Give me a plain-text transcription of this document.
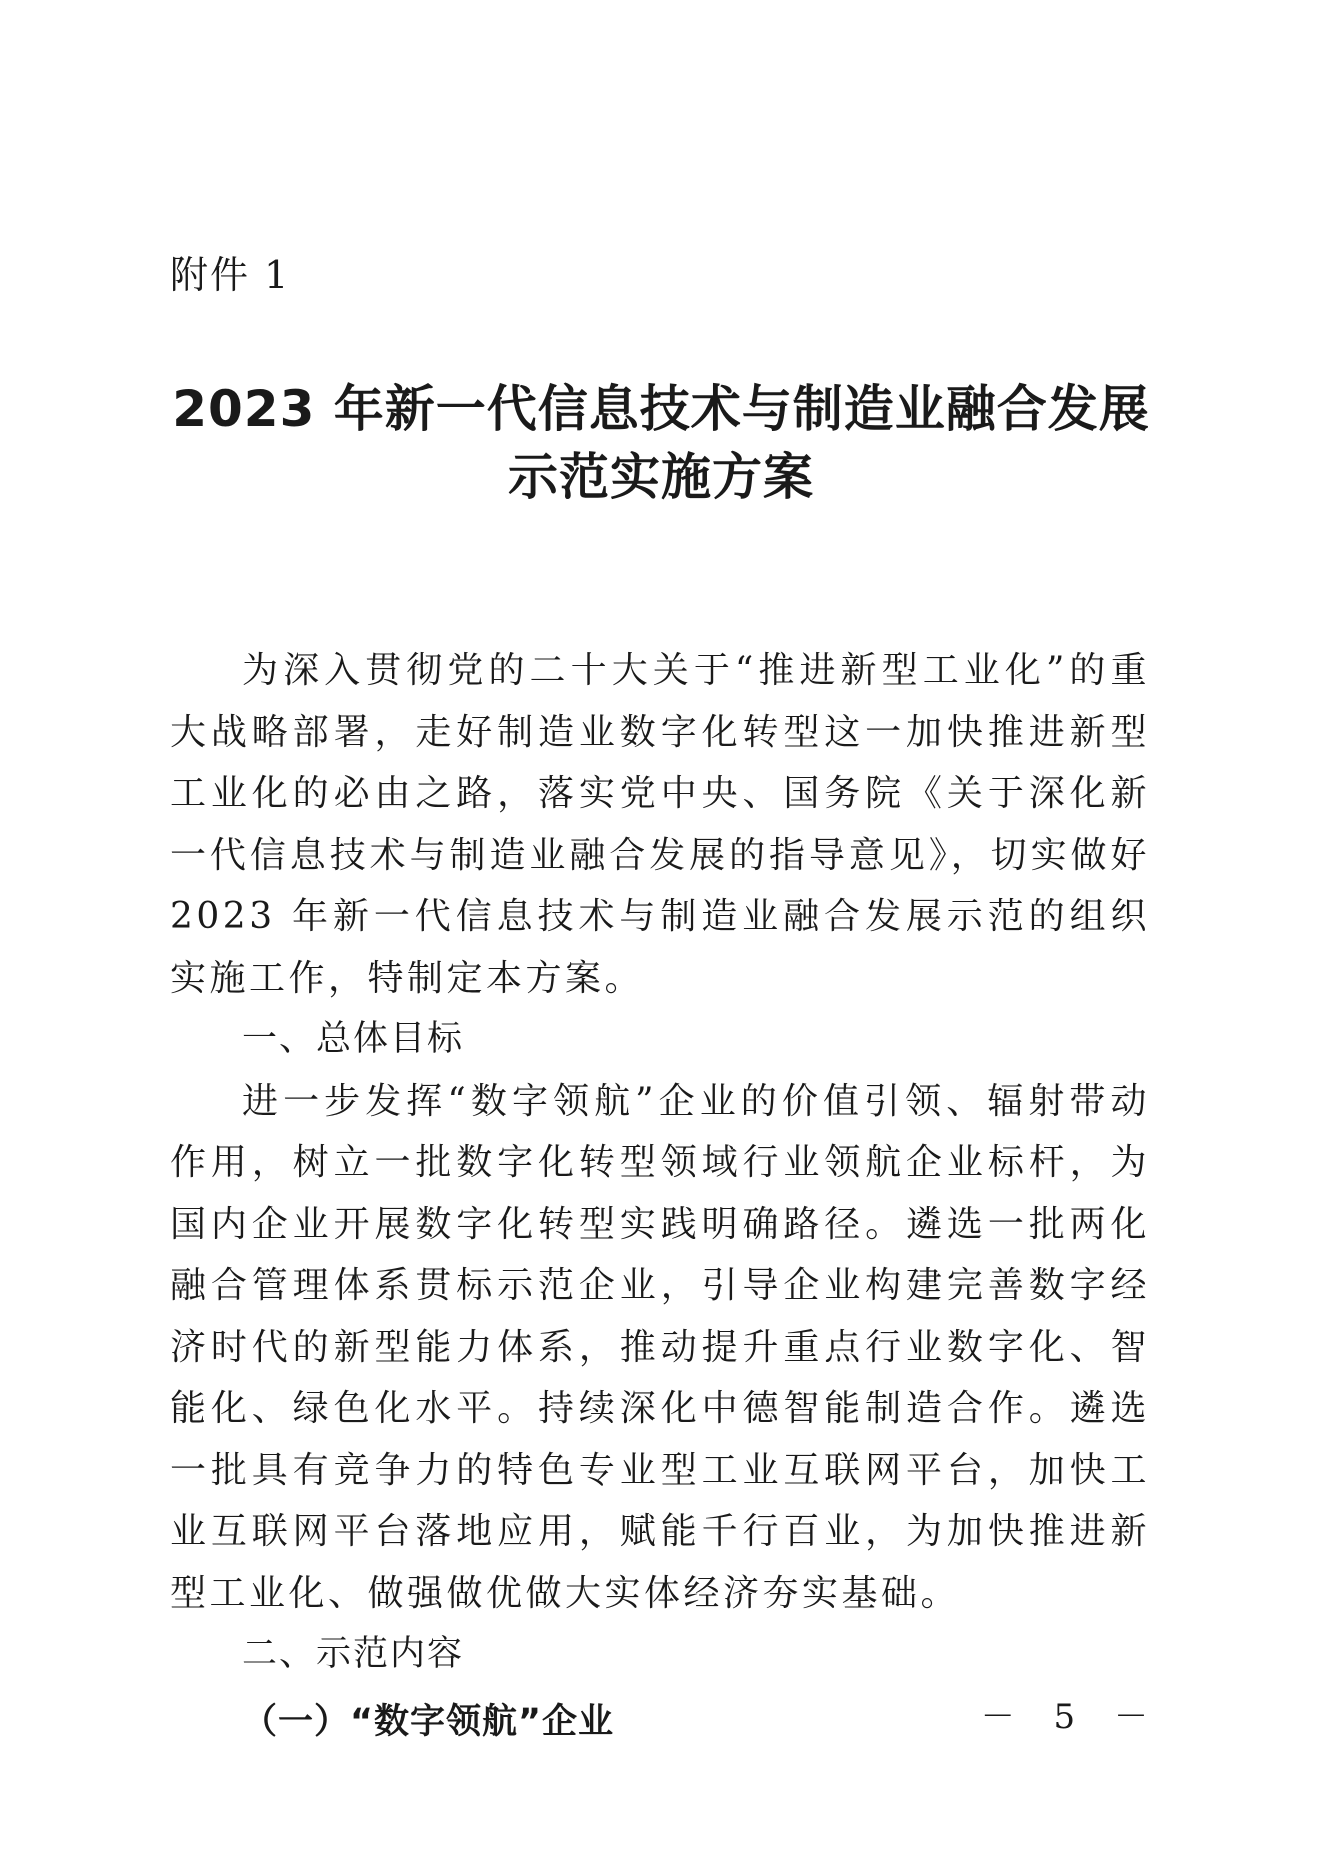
附件 1
2023 年新一代信息技术与制造业融合发展
示范实施方案

为深入贯彻党的二十大关于“推进新型工业化”的重大战略部署，走好制造业数字化转型这一加快推进新型工业化的必由之路，落实党中央、国务院《关于深化新一代信息技术与制造业融合发展的指导意见》，切实做好 2023 年新一代信息技术与制造业融合发展示范的组织实施工作，特制定本方案。

一、总体目标

进一步发挥“数字领航”企业的价值引领、辐射带动作用，树立一批数字化转型领域行业领航企业标杆，为国内企业开展数字化转型实践明确路径。遴选一批两化融合管理体系贯标示范企业，引导企业构建完善数字经济时代的新型能力体系，推动提升重点行业数字化、智能化、绿色化水平。持续深化中德智能制造合作。遴选一批具有竞争力的特色专业型工业互联网平台，加快工业互联网平台落地应用，赋能千行百业，为加快推进新型工业化、做强做优做大实体经济夯实基础。

二、示范内容

（一）“数字领航”企业	－ 5 －
